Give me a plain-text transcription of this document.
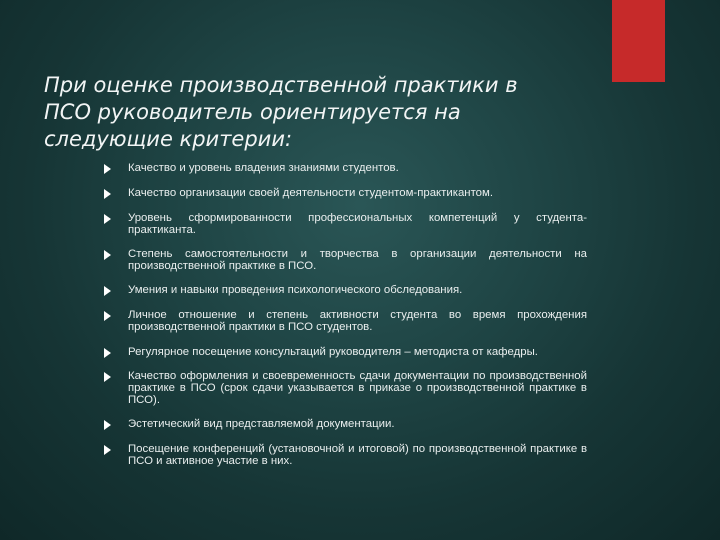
При оценке производственной практики в ПСО руководитель ориентируется на следующие критерии:
Качество и уровень владения знаниями студентов.
Качество организации своей деятельности студентом-практикантом.
Уровень сформированности профессиональных компетенций у студента-практиканта.
Степень самостоятельности и творчества в организации деятельности на производственной практике в ПСО.
Умения и навыки проведения психологического обследования.
Личное отношение и степень активности студента во время прохождения производственной практики в ПСО студентов.
Регулярное посещение консультаций руководителя – методиста от кафедры.
Качество оформления и своевременность сдачи документации по производственной практике в ПСО (срок сдачи указывается в приказе о производственной практике в ПСО).
Эстетический вид представляемой документации.
Посещение конференций (установочной и итоговой) по производственной практике в ПСО и активное участие в них.
